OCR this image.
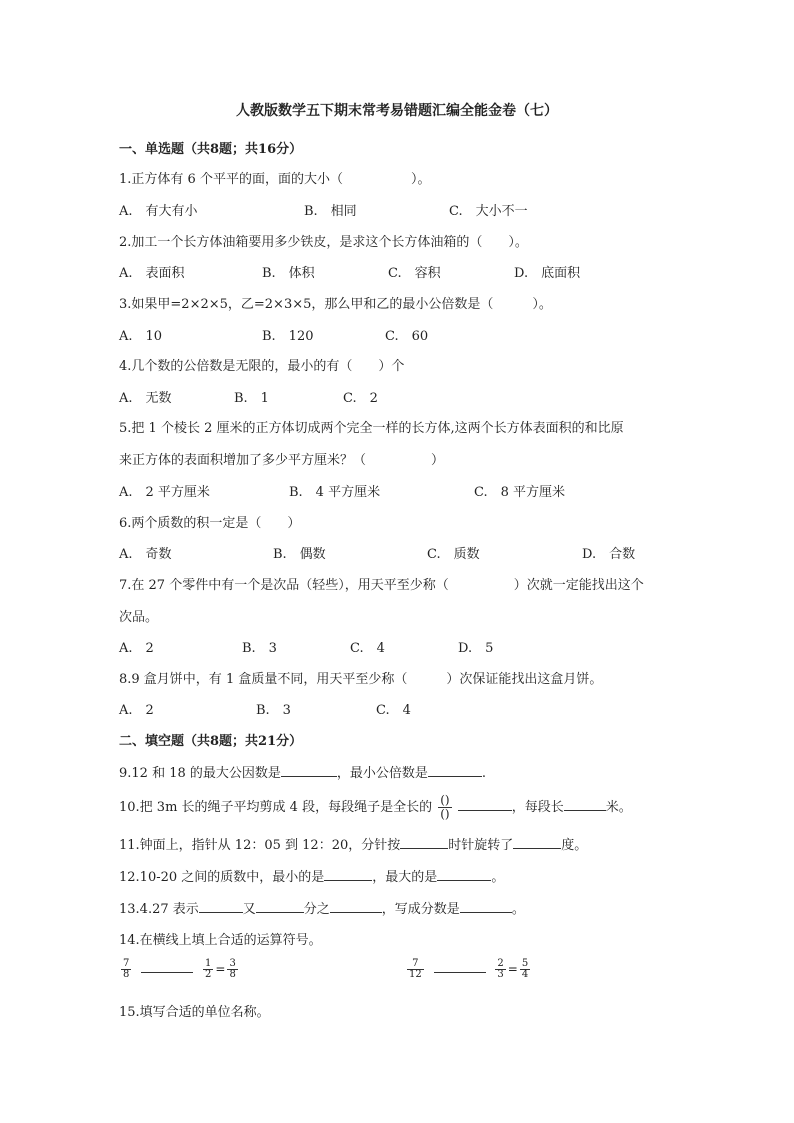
人教版数学五下期末常考易错题汇编全能金卷（七）
一、单选题（共8题；共16分）
1.正方体有 6 个平平的面，面的大小（	）。
A.　有大有小	B.　相同	C.　大小不一
2.加工一个长方体油箱要用多少铁皮，是求这个长方体油箱的（　　）。
A.　表面积	B.　体积	C.　容积	D.　底面积
3.如果甲=2×2×5，乙=2×3×5，那么甲和乙的最小公倍数是（　　　）。
A.　10	B.　120	C.　60
4.几个数的公倍数是无限的，最小的有（　　）个
A.　无数	B.　1	C.　2
5.把 1 个棱长 2 厘米的正方体切成两个完全一样的长方体,这两个长方体表面积的和比原
来正方体的表面积增加了多少平方厘米？（　　　　　）
A.　2 平方厘米	B.　4 平方厘米	C.　8 平方厘米
6.两个质数的积一定是（　　）
A.　奇数	B.　偶数	C.　质数	D.　合数
7.在 27 个零件中有一个是次品（轻些），用天平至少称（　　　　　）次就一定能找出这个
次品。
A.　2	B.　3	C.　4	D.　5
8.9 盒月饼中，有 1 盒质量不同，用天平至少称（　　　）次保证能找出这盒月饼。
A.　2	B.　3	C.　4
二、填空题（共8题；共21分）
9.12 和 18 的最大公因数是	，最小公倍数是	.
10.把 3m 长的绳子平均剪成 4 段，每段绳子是全长的 $\frac{()}{()}$	，每段长	米。
11.钟面上，指针从 12：05 到 12：20，分针按	时针旋转了	度。
12.10-20 之间的质数中，最小的是	，最大的是	。
13.4.27 表示	又	分之	，写成分数是	。
14.在横线上填上合适的运算符号。
$\frac{7}{8}$
	$\frac{1}{2} = \frac{3}{8}$	$\frac{7}{12}$
	$\frac{2}{3} = \frac{5}{4}$
15.填写合适的单位名称。
